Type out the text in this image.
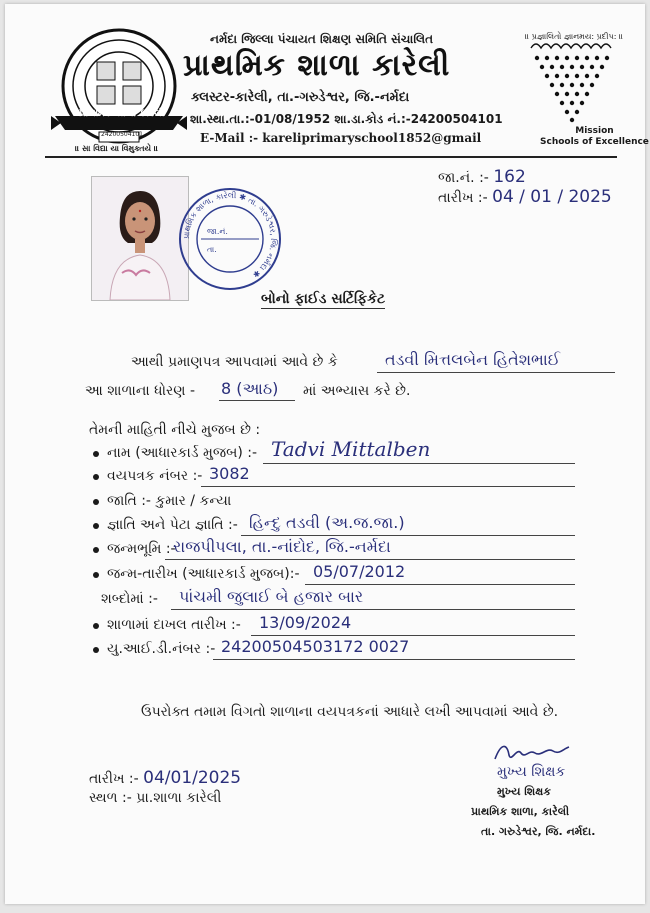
પ્રાથમિક શાળા કારેલી
24200504101
નર્મદા જિલ્લા પંચાયત શિક્ષણ સમિતિ સંચાલિત
પ્રાથમિક શાળા કારેલી
ક્લસ્ટર-કારેલી, તા.-ગરુડેશ્વર, જિ.-નર્મદા
શા.સ્થા.તા.:-01/08/1952 શા.ડા.કોડ નં.:-24200504101
E-Mail :- kareliprimaryschool1852@gmail
॥ પ્રજ્ઞાલિતો જ્ઞાનમય: પ્રદીપ: ॥
Mission
Schools of Excellence
॥ સા વિદ્યા યા વિમુક્તયે ॥
જા.નં. :- 162
તારીખ :- 04 / 01 / 2025
પ્રાથમિક શાળા, કારેલી ✱ તા. ગરુડેશ્વર, જિ. નર્મદા ✱
જા.નં.
તા.
બોનો ફાઈડ સર્ટિફિકેટ
આથી પ્રમાણપત્ર આપવામાં આવે છે કે	તડવી મિત્તલબેન હિતેશભાઈ
આ શાળાના ધોરણ - 8 (આઠ) માં અભ્યાસ કરે છે.
તેમની માહિતી નીચે મુજબ છે :
ઉપરોક્ત તમામ વિગતો શાળાના વયપત્રકનાં આધારે લખી આપવામાં આવે છે.
તારીખ :- 04/01/2025
સ્થળ :- પ્રા.શાળા કારેલી
મુખ્ય શિક્ષક
મુખ્ય શિક્ષક
પ્રાથમિક શાળા, કારેલી
તા. ગરુડેશ્વર, જિ. નર્મદા.
નામ (આધારકાર્ડ મુજબ) :- Tadvi Mittalben
વયપત્રક નંબર :- 3082
જાતિ :- કુમાર / કન્યા
જ્ઞાતિ અને પેટા જ્ઞાતિ :- હિન્દુ તડવી (અ.જ.જા.)
જન્મભૂમિ :-
રાજપીપલા, તા.-નાંદોદ, જિ.-નર્મદા
જન્મ-તારીખ (આધારકાર્ડ મુજબ):- 05/07/2012
શબ્દોમાં :- પાંચમી જુલાઈ બે હજાર બાર
શાળામાં દાખલ તારીખ :- 13/09/2024
યુ.આઈ.ડી.નંબર :- 24200504503172 0027
